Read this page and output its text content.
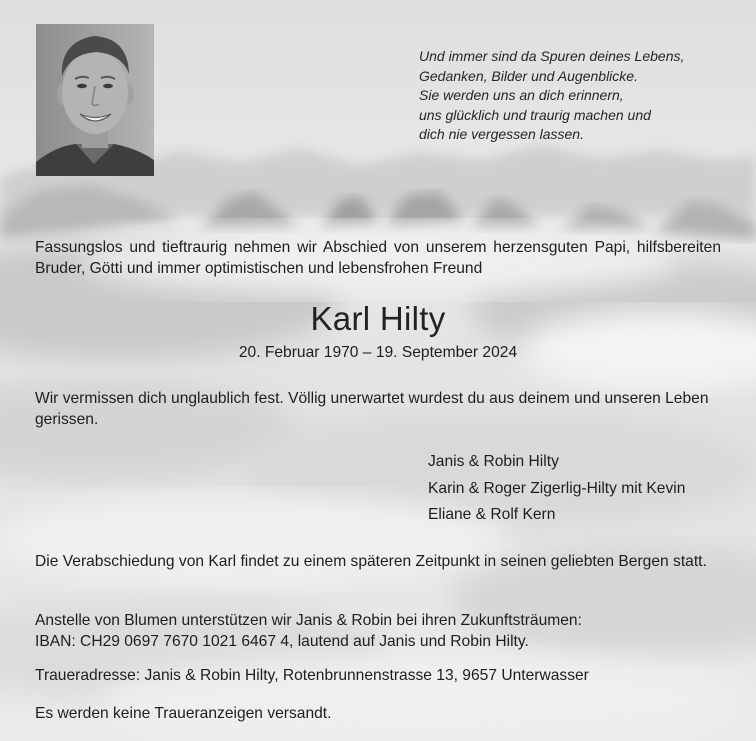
Und immer sind da Spuren deines Lebens,
Gedanken, Bilder und Augenblicke.
Sie werden uns an dich erinnern,
uns glücklich und traurig machen und
dich nie vergessen lassen.
Fassungslos und tieftraurig nehmen wir Abschied von unserem herzensguten Papi, hilfsbereiten Bruder, Götti und immer optimistischen und lebensfrohen Freund
Karl Hilty
20. Februar 1970 – 19. September 2024
Wir vermissen dich unglaublich fest. Völlig unerwartet wurdest du aus deinem und unseren Leben gerissen.
Janis & Robin Hilty
Karin & Roger Zigerlig-Hilty mit Kevin
Eliane & Rolf Kern
Die Verabschiedung von Karl findet zu einem späteren Zeitpunkt in seinen geliebten Bergen statt.
Anstelle von Blumen unterstützen wir Janis & Robin bei ihren Zukunftsträumen:
IBAN: CH29 0697 7670 1021 6467 4, lautend auf Janis und Robin Hilty.
Traueradresse: Janis & Robin Hilty, Rotenbrunnenstrasse 13, 9657 Unterwasser
Es werden keine Traueranzeigen versandt.
